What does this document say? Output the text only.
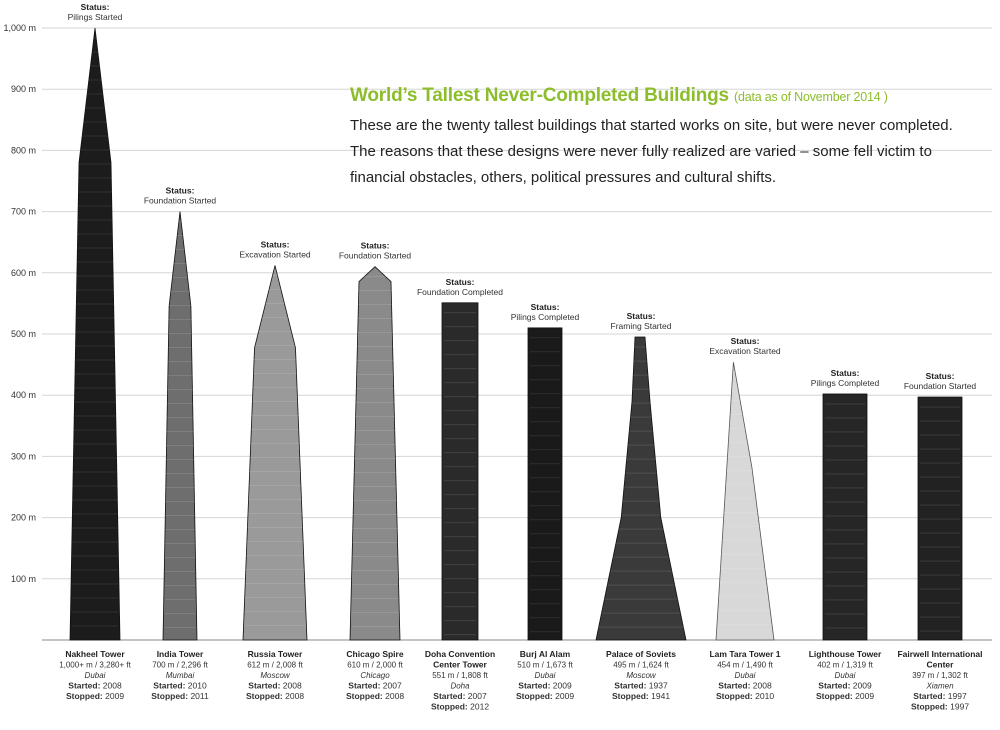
100 m
200 m
300 m
400 m
500 m
600 m
700 m
800 m
900 m
1,000 m
Status:
Pilings Started
Status:
Foundation Started
Status:
Excavation Started
Status:
Foundation Started
Status:
Foundation Completed
Status:
Pilings Completed	Status:
Framing Started
Status:
Excavation Started
Status:
Pilings Completed
Status:
Foundation Started
Nakheel Tower
1,000+ m / 3,280+ ft
Dubai
Started: 2008
Stopped: 2009
India Tower
700 m / 2,296 ft
Mumbai
Started: 2010
Stopped: 2011
Russia Tower
612 m / 2,008 ft
Moscow
Started: 2008
Stopped: 2008
Chicago Spire
610 m / 2,000 ft
Chicago
Started: 2007
Stopped: 2008
Doha Convention
Center Tower
551 m / 1,808 ft
Doha
Started: 2007
Stopped: 2012
Burj Al Alam
510 m / 1,673 ft
Dubai
Started: 2009
Stopped: 2009
Palace of Soviets
495 m / 1,624 ft
Moscow
Started: 1937
Stopped: 1941
Lam Tara Tower 1
454 m / 1,490 ft
Dubai
Started: 2008
Stopped: 2010
Lighthouse Tower
402 m / 1,319 ft
Dubai
Started: 2009
Stopped: 2009
Fairwell International
Center
397 m / 1,302 ft
Xiamen
Started: 1997
Stopped: 1997
World’s Tallest Never-Completed Buildings (data as of November 2014 )
These are the twenty tallest buildings that started works on site, but were never completed.
The reasons that these designs were never fully realized are varied – some fell victim to
financial obstacles, others, political pressures and cultural shifts.
